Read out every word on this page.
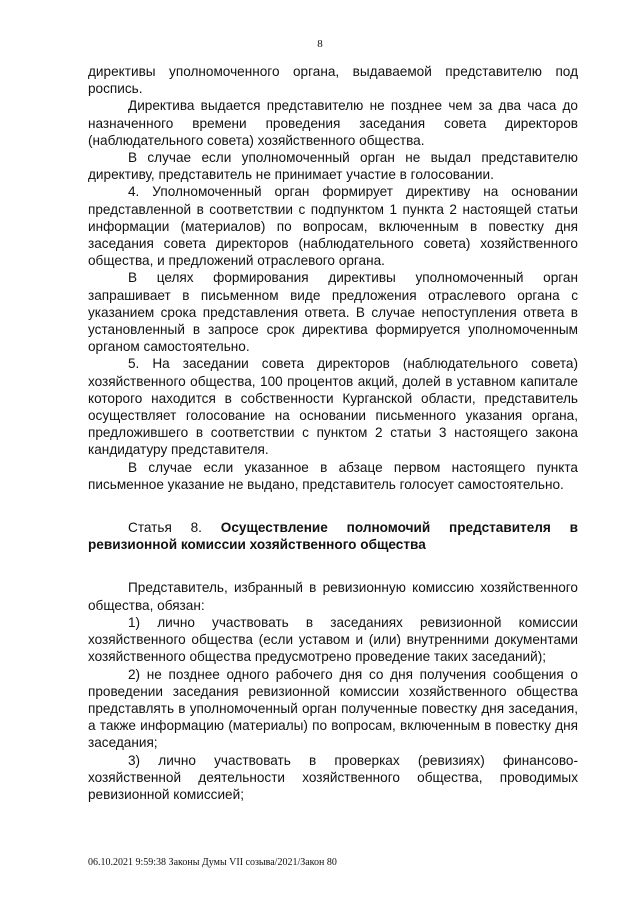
8

директивы уполномоченного органа, выдаваемой представителю под роспись.

Директива выдается представителю не позднее чем за два часа до назначенного времени проведения заседания совета директоров (наблюдательного совета) хозяйственного общества.

В случае если уполномоченный орган не выдал представителю директиву, представитель не принимает участие в голосовании.

4. Уполномоченный орган формирует директиву на основании представленной в соответствии с подпунктом 1 пункта 2 настоящей статьи информации (материалов) по вопросам, включенным в повестку дня заседания совета директоров (наблюдательного совета) хозяйственного общества, и предложений отраслевого органа.

В целях формирования директивы уполномоченный орган запрашивает в письменном виде предложения отраслевого органа с указанием срока представления ответа. В случае непоступления ответа в установленный в запросе срок директива формируется уполномоченным органом самостоятельно.

5. На заседании совета директоров (наблюдательного совета) хозяйственного общества, 100 процентов акций, долей в уставном капитале которого находится в собственности Курганской области, представитель осуществляет голосование на основании письменного указания органа, предложившего в соответствии с пунктом 2 статьи 3 настоящего закона кандидатуру представителя.

В случае если указанное в абзаце первом настоящего пункта письменное указание не выдано, представитель голосует самостоятельно.

Статья 8. Осуществление полномочий представителя в ревизионной комиссии хозяйственного общества

Представитель, избранный в ревизионную комиссию хозяйственного общества, обязан:

1) лично участвовать в заседаниях ревизионной комиссии хозяйственного общества (если уставом и (или) внутренними документами хозяйственного общества предусмотрено проведение таких заседаний);

2) не позднее одного рабочего дня со дня получения сообщения о проведении заседания ревизионной комиссии хозяйственного общества представлять в уполномоченный орган полученные повестку дня заседания, а также информацию (материалы) по вопросам, включенным в повестку дня заседания;

3) лично участвовать в проверках (ревизиях) финансово-хозяйственной деятельности хозяйственного общества, проводимых ревизионной комиссией;

06.10.2021 9:59:38 Законы Думы VII созыва/2021/Закон 80
